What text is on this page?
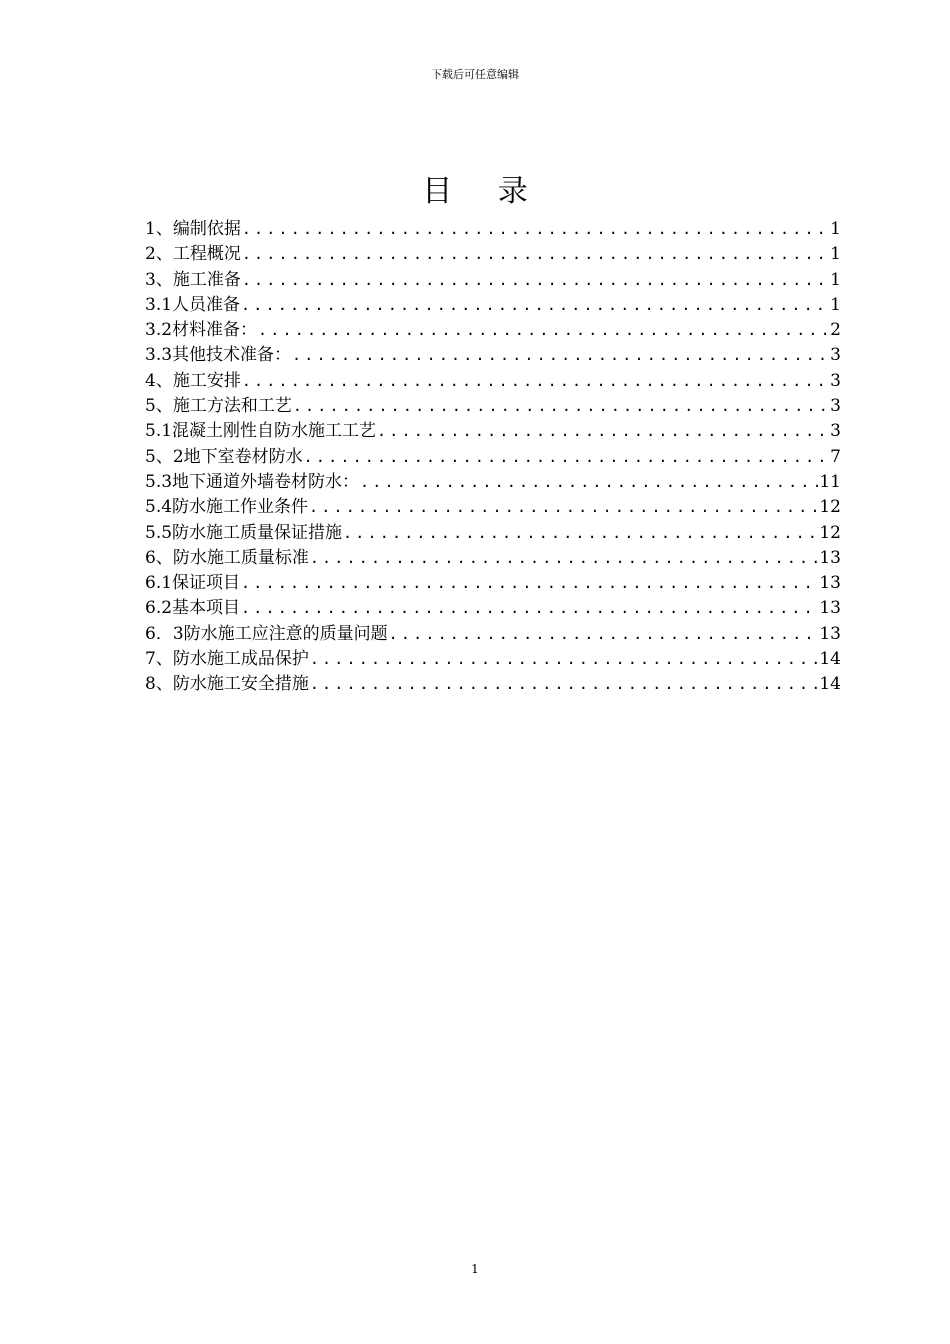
下载后可任意编辑
目 录
1、编制依据 .....	1
2、工程概况 .....	1
3、施工准备 .....	1
3.1人员准备 .....	1
3.2材料准备： .....	2
3.3其他技术准备： .....	3
4、施工安排 .....	3
5、施工方法和工艺 .....	3
5.1混凝土刚性自防水施工工艺 .....	3
5、2地下室卷材防水 .....	7
5.3地下通道外墙卷材防水： .....	11
5.4防水施工作业条件 .....	12
5.5防水施工质量保证措施 .....	12
6、防水施工质量标准 .....	13
6.1保证项目 .....	13
6.2基本项目 .....	13
6．3防水施工应注意的质量问题 .....	13
7、防水施工成品保护 .....	14
8、防水施工安全措施 .....	14
1
